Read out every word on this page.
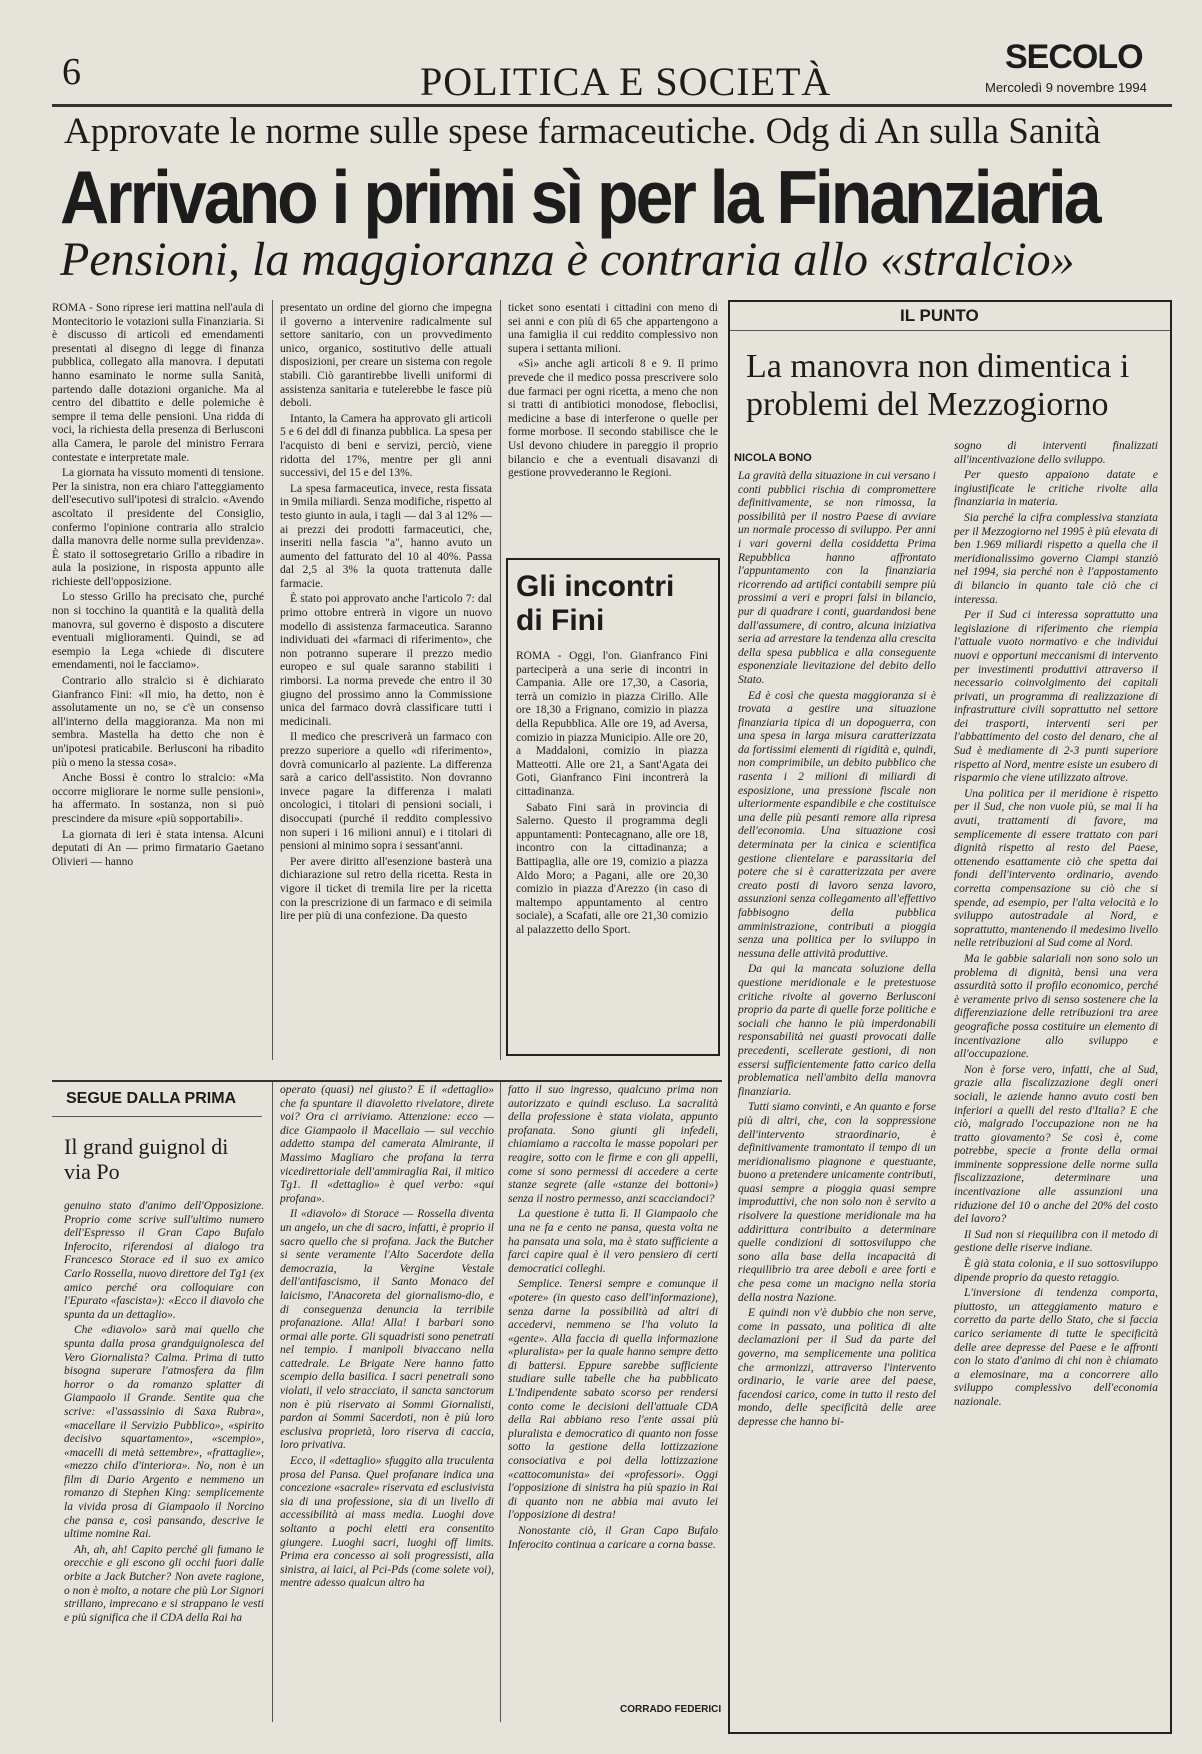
6	POLITICA E SOCIETÀ
SECOLO
Mercoledì 9 novembre 1994
Approvate le norme sulle spese farmaceutiche. Odg di An sulla Sanità
Arrivano i primi sì per la Finanziaria
Pensioni, la maggioranza è contraria allo «stralcio»

ROMA - Sono riprese ieri mattina nell'aula di Montecitorio le votazioni sulla Finanziaria. Si è discusso di articoli ed emendamenti presentati al disegno di legge di finanza pubblica, collegato alla manovra. I deputati hanno esaminato le norme sulla Sanità, partendo dalle dotazioni organiche. Ma al centro del dibattito e delle polemiche è sempre il tema delle pensioni. Una ridda di voci, la richiesta della presenza di Berlusconi alla Camera, le parole del ministro Ferrara contestate e interpretate male.

La giornata ha vissuto momenti di tensione. Per la sinistra, non era chiaro l'atteggiamento dell'esecutivo sull'ipotesi di stralcio. «Avendo ascoltato il presidente del Consiglio, confermo l'opinione contraria allo stralcio dalla manovra delle norme sulla previdenza». È stato il sottosegretario Grillo a ribadire in aula la posizione, in risposta appunto alle richieste dell'opposizione.

Lo stesso Grillo ha precisato che, purché non si tocchino la quantità e la qualità della manovra, sul governo è disposto a discutere eventuali miglioramenti. Quindi, se ad esempio la Lega «chiede di discutere emendamenti, noi le facciamo».

Contrario allo stralcio si è dichiarato Gianfranco Fini: «Il mio, ha detto, non è assolutamente un no, se c'è un consenso all'interno della maggioranza. Ma non mi sembra. Mastella ha detto che non è un'ipotesi praticabile. Berlusconi ha ribadito più o meno la stessa cosa».

Anche Bossi è contro lo stralcio: «Ma occorre migliorare le norme sulle pensioni», ha affermato. In sostanza, non si può prescindere da misure «più sopportabili».

La giornata di ieri è stata intensa. Alcuni deputati di An — primo firmatario Gaetano Olivieri — hanno

presentato un ordine del giorno che impegna il governo a intervenire radicalmente sul settore sanitario, con un provvedimento unico, organico, sostitutivo delle attuali disposizioni, per creare un sistema con regole stabili. Ciò garantirebbe livelli uniformi di assistenza sanitaria e tutelerebbe le fasce più deboli.

Intanto, la Camera ha approvato gli articoli 5 e 6 del ddl di finanza pubblica. La spesa per l'acquisto di beni e servizi, perciò, viene ridotta del 17%, mentre per gli anni successivi, del 15 e del 13%.

La spesa farmaceutica, invece, resta fissata in 9mila miliardi. Senza modifiche, rispetto al testo giunto in aula, i tagli — dal 3 al 12% — ai prezzi dei prodotti farmaceutici, che, inseriti nella fascia "a", hanno avuto un aumento del fatturato del 10 al 40%. Passa dal 2,5 al 3% la quota trattenuta dalle farmacie.

È stato poi approvato anche l'articolo 7: dal primo ottobre entrerà in vigore un nuovo modello di assistenza farmaceutica. Saranno individuati dei «farmaci di riferimento», che non potranno superare il prezzo medio europeo e sul quale saranno stabiliti i rimborsi. La norma prevede che entro il 30 giugno del prossimo anno la Commissione unica del farmaco dovrà classificare tutti i medicinali.

Il medico che prescriverà un farmaco con prezzo superiore a quello «di riferimento», dovrà comunicarlo al paziente. La differenza sarà a carico dell'assistito. Non dovranno invece pagare la differenza i malati oncologici, i titolari di pensioni sociali, i disoccupati (purché il reddito complessivo non superi i 16 milioni annui) e i titolari di pensioni al minimo sopra i sessant'anni.

Per avere diritto all'esenzione basterà una dichiarazione sul retro della ricetta. Resta in vigore il ticket di tremila lire per la ricetta con la prescrizione di un farmaco e di seimila lire per più di una confezione. Da questo

ticket sono esentati i cittadini con meno di sei anni e con più di 65 che appartengono a una famiglia il cui reddito complessivo non supera i settanta milioni.

«Sì» anche agli articoli 8 e 9. Il primo prevede che il medico possa prescrivere solo due farmaci per ogni ricetta, a meno che non si tratti di antibiotici monodose, fleboclisi, medicine a base di interferone o quelle per forme morbose. Il secondo stabilisce che le Usl devono chiudere in pareggio il proprio bilancio e che a eventuali disavanzi di gestione provvederanno le Regioni.

Gli incontri di Fini

ROMA - Oggi, l'on. Gianfranco Fini parteciperà a una serie di incontri in Campania. Alle ore 17,30, a Casoria, terrà un comizio in piazza Cirillo. Alle ore 18,30 a Frignano, comizio in piazza della Repubblica. Alle ore 19, ad Aversa, comizio in piazza Municipio. Alle ore 20, a Maddaloni, comizio in piazza Matteotti. Alle ore 21, a Sant'Agata dei Goti, Gianfranco Fini incontrerà la cittadinanza.

Sabato Fini sarà in provincia di Salerno. Questo il programma degli appuntamenti: Pontecagnano, alle ore 18, incontro con la cittadinanza; a Battipaglia, alle ore 19, comizio a piazza Aldo Moro; a Pagani, alle ore 20,30 comizio in piazza d'Arezzo (in caso di maltempo appuntamento al centro sociale), a Scafati, alle ore 21,30 comizio al palazzetto dello Sport.

IL PUNTO
La manovra non dimentica i problemi del Mezzogiorno
NICOLA BONO

La gravità della situazione in cui versano i conti pubblici rischia di compromettere definitivamente, se non rimossa, la possibilità per il nostro Paese di avviare un normale processo di sviluppo. Per anni i vari governi della cosiddetta Prima Repubblica hanno affrontato l'appuntamento con la finanziaria ricorrendo ad artifici contabili sempre più prossimi a veri e propri falsi in bilancio, pur di quadrare i conti, guardandosi bene dall'assumere, di contro, alcuna iniziativa seria ad arrestare la tendenza alla crescita della spesa pubblica e alla conseguente esponenziale lievitazione del debito dello Stato.

Ed è così che questa maggioranza si è trovata a gestire una situazione finanziaria tipica di un dopoguerra, con una spesa in larga misura caratterizzata da fortissimi elementi di rigidità e, quindi, non comprimibile, un debito pubblico che rasenta i 2 milioni di miliardi di esposizione, una pressione fiscale non ulteriormente espandibile e che costituisce una delle più pesanti remore alla ripresa dell'economia. Una situazione così determinata per la cinica e scientifica gestione clientelare e parassitaria del potere che si è caratterizzata per avere creato posti di lavoro senza lavoro, assunzioni senza collegamento all'effettivo fabbisogno della pubblica amministrazione, contributi a pioggia senza una politica per lo sviluppo in nessuna delle attività produttive.

Da qui la mancata soluzione della questione meridionale e le pretestuose critiche rivolte al governo Berlusconi proprio da parte di quelle forze politiche e sociali che hanno le più imperdonabili responsabilità nei guasti provocati dalle precedenti, scellerate gestioni, di non essersi sufficientemente fatto carico della problematica nell'ambito della manovra finanziaria.

Tutti siamo convinti, e An quanto e forse più di altri, che, con la soppressione dell'intervento straordinario, è definitivamente tramontato il tempo di un meridionalismo piagnone e questuante, buono a pretendere unicamente contributi, quasi sempre a pioggia quasi sempre improduttivi, che non solo non è servito a risolvere la questione meridionale ma ha addirittura contribuito a determinare quelle condizioni di sottosviluppo che sono alla base della incapacità di riequilibrio tra aree deboli e aree forti e che pesa come un macigno nella storia della nostra Nazione.

E quindi non v'è dubbio che non serve, come in passato, una politica di alte declamazioni per il Sud da parte del governo, ma semplicemente una politica che armonizzi, attraverso l'intervento ordinario, le varie aree del paese, facendosi carico, come in tutto il resto del mondo, delle specificità delle aree depresse che hanno bi-

sogno di interventi finalizzati all'incentivazione dello sviluppo.

Per questo appaiono datate e ingiustificate le critiche rivolte alla finanziaria in materia.

Sia perché la cifra complessiva stanziata per il Mezzogiorno nel 1995 è più elevata di ben 1.969 miliardi rispetto a quella che il meridionalissimo governo Ciampi stanziò nel 1994, sia perché non è l'appostamento di bilancio in quanto tale ciò che ci interessa.

Per il Sud ci interessa soprattutto una legislazione di riferimento che riempia l'attuale vuoto normativo e che individui nuovi e opportuni meccanismi di intervento per investimenti produttivi attraverso il necessario coinvolgimento dei capitali privati, un programma di realizzazione di infrastrutture civili soprattutto nel settore dei trasporti, interventi seri per l'abbattimento del costo del denaro, che al Sud è mediamente di 2-3 punti superiore rispetto al Nord, mentre esiste un esubero di risparmio che viene utilizzato altrove.

Una politica per il meridione è rispetto per il Sud, che non vuole più, se mai li ha avuti, trattamenti di favore, ma semplicemente di essere trattato con pari dignità rispetto al resto del Paese, ottenendo esattamente ciò che spetta dai fondi dell'intervento ordinario, avendo corretta compensazione su ciò che si spende, ad esempio, per l'alta velocità e lo sviluppo autostradale al Nord, e soprattutto, mantenendo il medesimo livello nelle retribuzioni al Sud come al Nord.

Ma le gabbie salariali non sono solo un problema di dignità, bensì una vera assurdità sotto il profilo economico, perché è veramente privo di senso sostenere che la differenziazione delle retribuzioni tra aree geografiche possa costituire un elemento di incentivazione allo sviluppo e all'occupazione.

Non è forse vero, infatti, che al Sud, grazie alla fiscalizzazione degli oneri sociali, le aziende hanno avuto costi ben inferiori a quelli del resto d'Italia? E che ciò, malgrado l'occupazione non ne ha tratto giovamento? Se così è, come potrebbe, specie a fronte della ormai imminente soppressione delle norme sulla fiscalizzazione, determinare una incentivazione alle assunzioni una riduzione del 10 o anche del 20% del costo del lavoro?

Il Sud non si riequilibra con il metodo di gestione delle riserve indiane.

È già stata colonia, e il suo sottosviluppo dipende proprio da questo retaggio.

L'inversione di tendenza comporta, piuttosto, un atteggiamento maturo e corretto da parte dello Stato, che si faccia carico seriamente di tutte le specificità delle aree depresse del Paese e le affronti con lo stato d'animo di chi non è chiamato a elemosinare, ma a concorrere allo sviluppo complessivo dell'economia nazionale.

SEGUE DALLA PRIMA
Il grand guignol di via Po

genuino stato d'animo dell'Opposizione. Proprio come scrive sull'ultimo numero dell'Espresso il Gran Capo Bufalo Inferocito, riferendosi al dialogo tra Francesco Storace ed il suo ex amico Carlo Rossella, nuovo direttore del Tg1 (ex amico perché ora colloquiare con l'Epurato «fascista»): «Ecco il diavolo che spunta da un dettaglio».

Che «diavolo» sarà mai quello che spunta dalla prosa grandguignolesca del Vero Giornalista? Calma. Prima di tutto bisogna superare l'atmosfera da film horror o da romanzo splatter di Giampaolo il Grande. Sentite qua che scrive: «l'assassinio di Saxa Rubra», «macellare il Servizio Pubblico», «spirito decisivo squartamento», «scempio», «macelli di metà settembre», «frattaglie», «mezzo chilo d'interiora». No, non è un film di Dario Argento e nemmeno un romanzo di Stephen King: semplicemente la vivida prosa di Giampaolo il Norcino che pansa e, così pansando, descrive le ultime nomine Rai.

Ah, ah, ah! Capito perché gli fumano le orecchie e gli escono gli occhi fuori dalle orbite a Jack Butcher? Non avete ragione, o non è molto, a notare che più Lor Signori strillano, imprecano e si strappano le vesti e più significa che il CDA della Rai ha

operato (quasi) nel giusto? E il «dettaglio» che fa spuntare il diavoletto rivelatore, direte voi? Ora ci arriviamo. Attenzione: ecco — dice Giampaolo il Macellaio — sul vecchio addetto stampa del camerata Almirante, il Massimo Magliaro che profana la terra vicedirettoriale dell'ammiraglia Rai, il mitico Tg1. Il «dettaglio» è quel verbo: «qui profana».

Il «diavolo» di Storace — Rossella diventa un angelo, un che di sacro, infatti, è proprio il sacro quello che si profana. Jack the Butcher si sente veramente l'Alto Sacerdote della democrazia, la Vergine Vestale dell'antifascismo, il Santo Monaco del laicismo, l'Anacoreta del giornalismo-dio, e di conseguenza denuncia la terribile profanazione. Alla! Alla! I barbari sono ormai alle porte. Gli squadristi sono penetrati nel tempio. I manipoli bivaccano nella cattedrale. Le Brigate Nere hanno fatto scempio della basilica. I sacri penetrali sono violati, il velo stracciato, il sancta sanctorum non è più riservato ai Sommi Giornalisti, pardon ai Sommi Sacerdoti, non è più loro esclusiva proprietà, loro riserva di caccia, loro privativa.

Ecco, il «dettaglio» sfuggito alla truculenta prosa del Pansa. Quel profanare indica una concezione «sacrale» riservata ed esclusivista sia di una professione, sia di un livello di accessibilità ai mass media. Luoghi dove soltanto a pochi eletti era consentito giungere. Luoghi sacri, luoghi off limits. Prima era concesso ai soli progressisti, alla sinistra, ai laici, al Pci-Pds (come solete voi), mentre adesso qualcun altro ha

fatto il suo ingresso, qualcuno prima non autorizzato e quindi escluso. La sacralità della professione è stata violata, appunto profanata. Sono giunti gli infedeli, chiamiamo a raccolta le masse popolari per reagire, sotto con le firme e con gli appelli, come si sono permessi di accedere a certe stanze segrete (alle «stanze dei bottoni») senza il nostro permesso, anzi scacciandoci?

La questione è tutta lì. Il Giampaolo che una ne fa e cento ne pansa, questa volta ne ha pansata una sola, ma è stato sufficiente a farci capire qual è il vero pensiero di certi democratici colleghi.

Semplice. Tenersi sempre e comunque il «potere» (in questo caso dell'informazione), senza darne la possibilità ad altri di accedervi, nemmeno se l'ha voluto la «gente». Alla faccia di quella informazione «pluralista» per la quale hanno sempre detto di battersi. Eppure sarebbe sufficiente studiare sulle tabelle che ha pubblicato L'Indipendente sabato scorso per rendersi conto come le decisioni dell'attuale CDA della Rai abbiano reso l'ente assai più pluralista e democratico di quanto non fosse sotto la gestione della lottizzazione consociativa e poi della lottizzazione «cattocomunista» dei «professori». Oggi l'opposizione di sinistra ha più spazio in Rai di quanto non ne abbia mai avuto lei l'opposizione di destra!

Nonostante ciò, il Gran Capo Bufalo Inferocito continua a caricare a corna basse.

CORRADO FEDERICI
